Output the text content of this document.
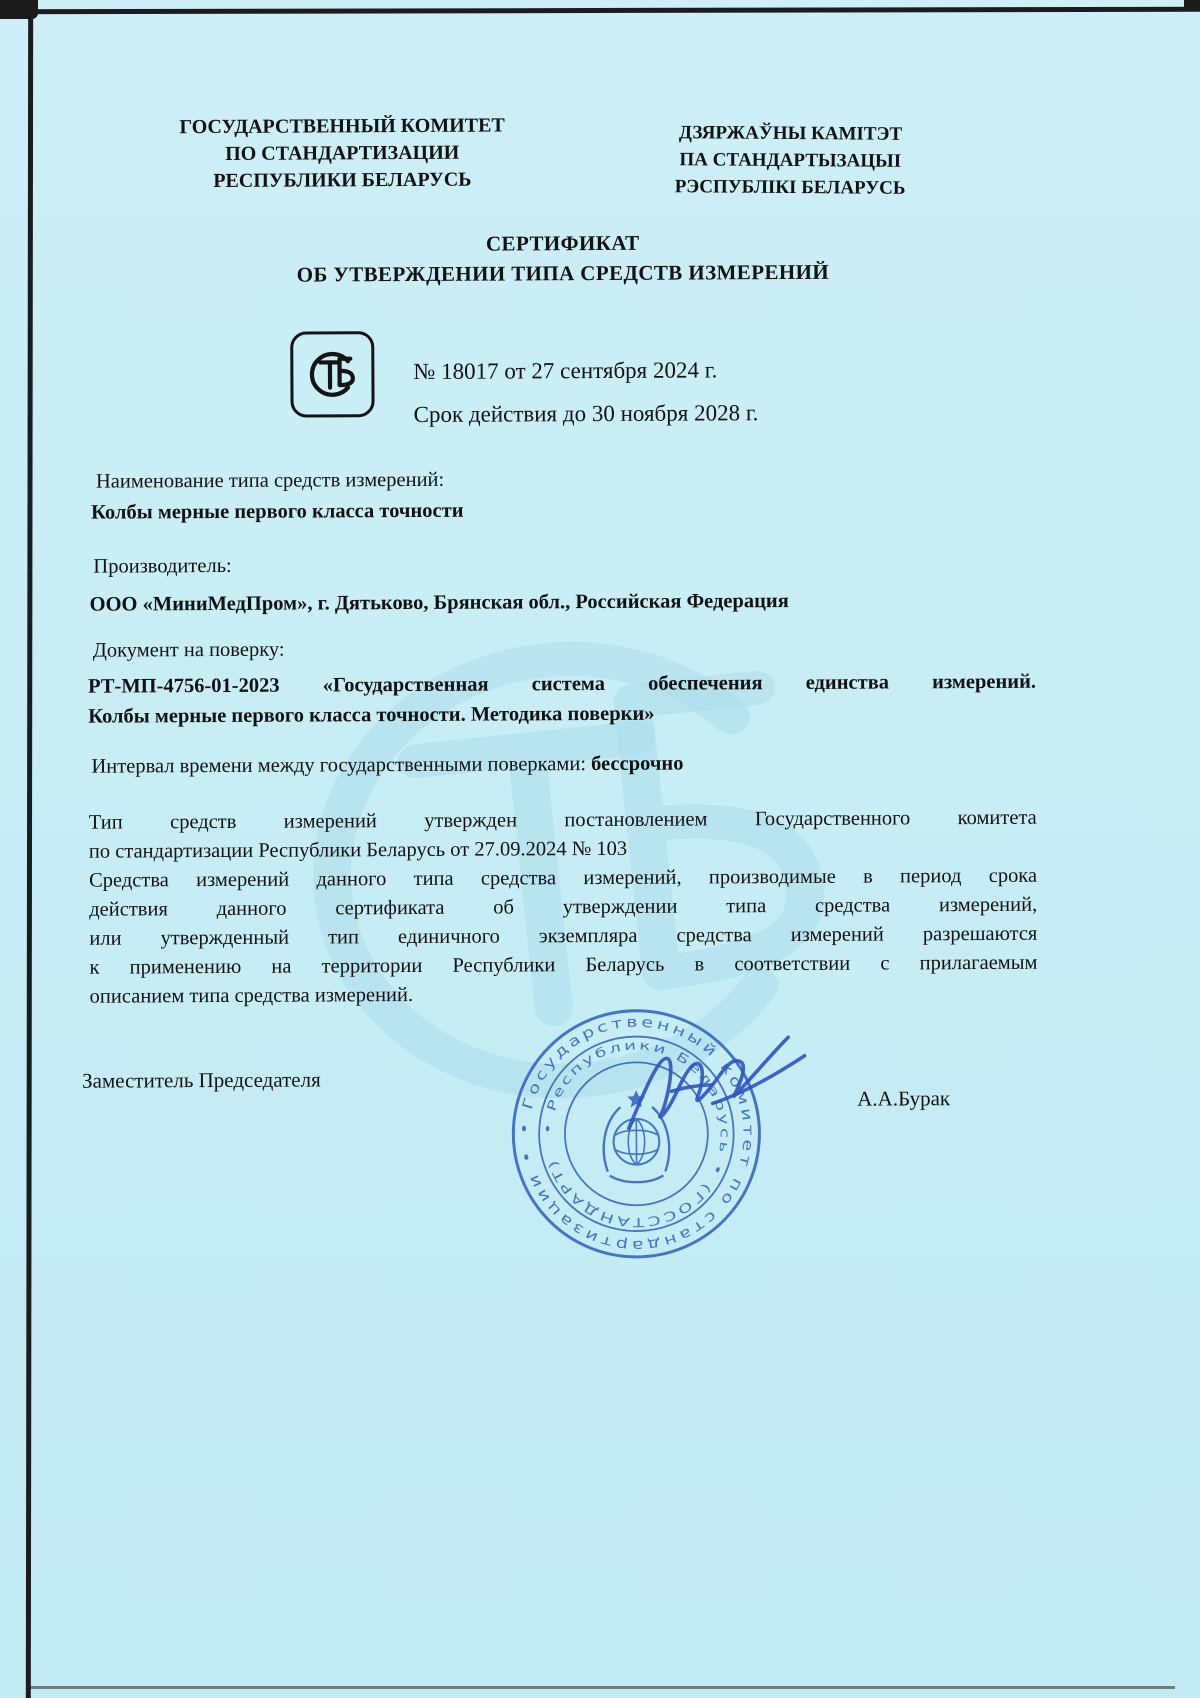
ГОСУДАРСТВЕННЫЙ КОМИТЕТ
ПО СТАНДАРТИЗАЦИИ
РЕСПУБЛИКИ БЕЛАРУСЬ
ДЗЯРЖАЎНЫ КАМІТЭТ
ПА СТАНДАРТЫЗАЦЫІ
РЭСПУБЛІКІ БЕЛАРУСЬ
СЕРТИФИКАТ
ОБ УТВЕРЖДЕНИИ ТИПА СРЕДСТВ ИЗМЕРЕНИЙ
№ 18017 от 27 сентября 2024 г.
Срок действия до 30 ноября 2028 г.
Наименование типа средств измерений:
Колбы мерные первого класса точности
Производитель:
ООО «МиниМедПром», г. Дятьково, Брянская обл., Российская Федерация
Документ на поверку:
РТ-МП-4756-01-2023 «Государственная система обеспечения единства измерений.
Колбы мерные первого класса точности. Методика поверки»
Интервал времени между государственными поверками: бессрочно
Тип средств измерений утвержден постановлением Государственного комитета
по стандартизации Республики Беларусь от 27.09.2024 № 103
Средства измерений данного типа средства измерений, производимые в период срока
действия данного сертификата об утверждении типа средства измерений,
или утвержденный тип единичного экземпляра средства измерений разрешаются
к применению на территории Республики Беларусь в соответствии с прилагаемым
описанием типа средства измерений.
Заместитель Председателя
А.А.Бурак
• Государственный комитет по стандартизации •
• Республики Беларусь • (ГОССТАНДАРТ)
